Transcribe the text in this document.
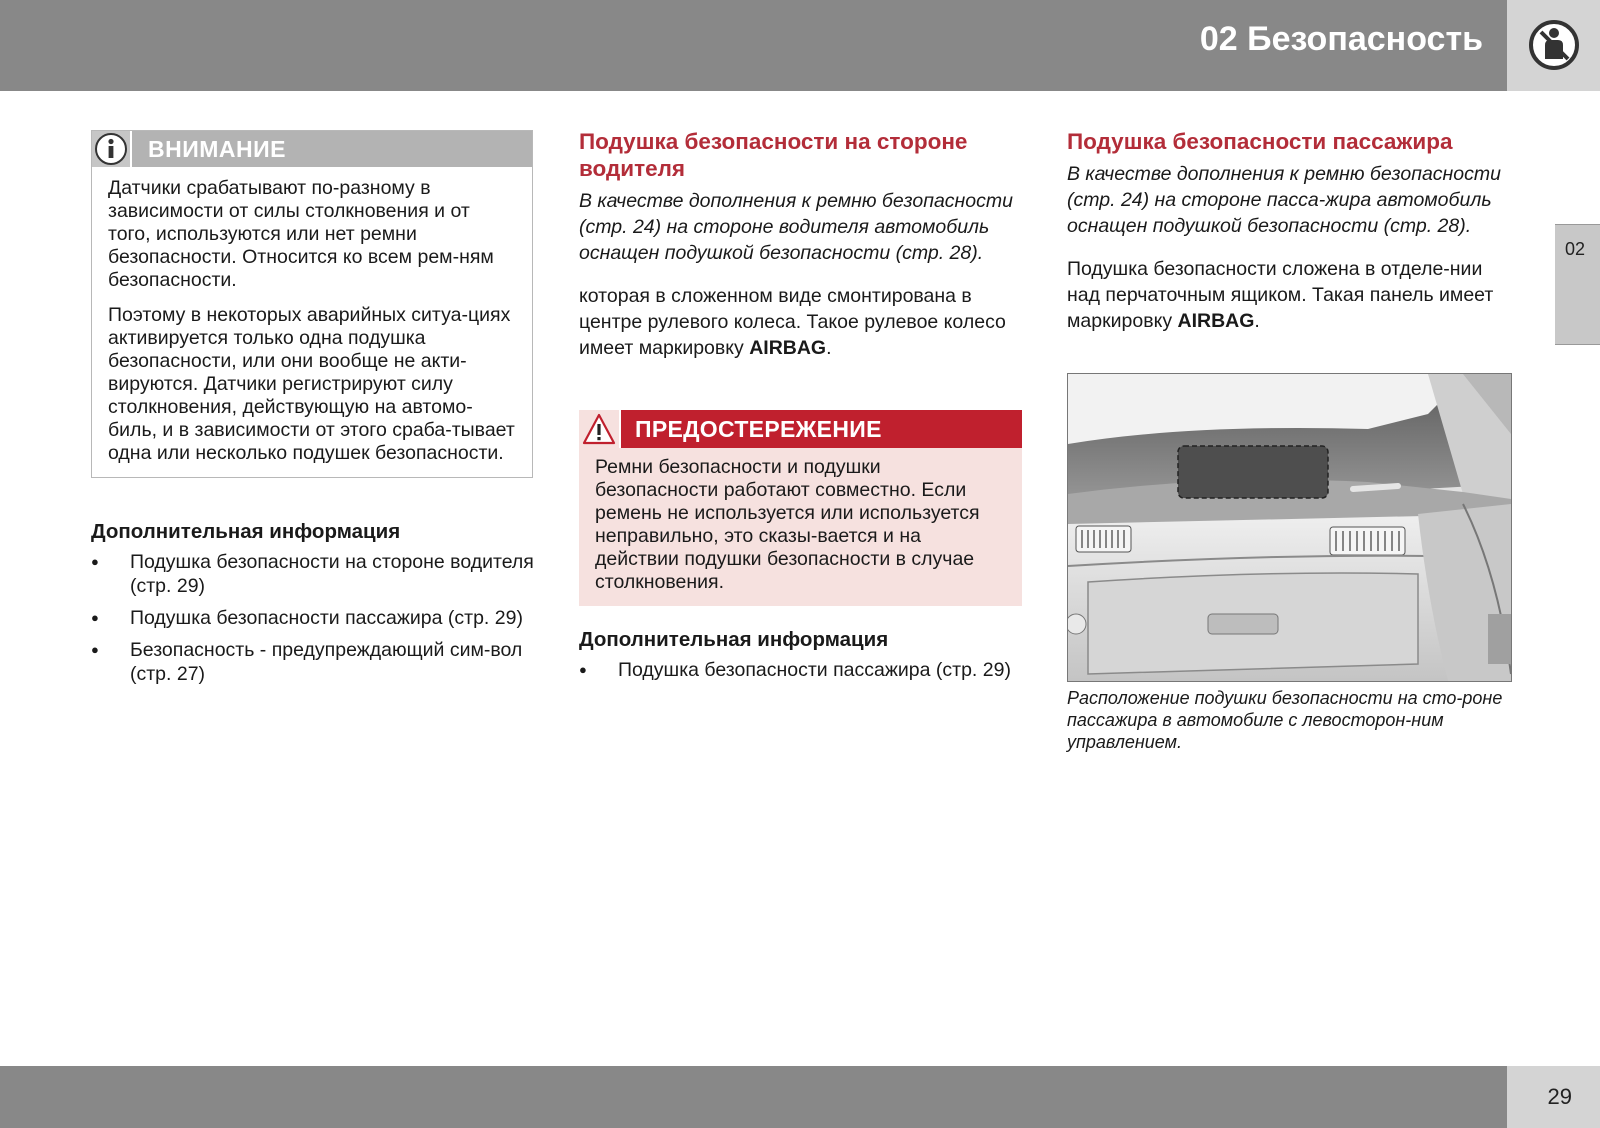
02 Безопасность
02
ВНИМАНИЕ

Датчики срабатывают по-разному в зависимости от силы столкновения и от того, используются или нет ремни безопасности. Относится ко всем рем-ням безопасности.

Поэтому в некоторых аварийных ситуа-циях активируется только одна подушка безопасности, или они вообще не акти-вируются. Датчики регистрируют силу столкновения, действующую на автомо-биль, и в зависимости от этого сраба-тывает одна или несколько подушек безопасности.

Дополнительная информация
● Подушка безопасности на стороне водителя (стр. 29)
● Подушка безопасности пассажира (стр. 29)
● Безопасность - предупреждающий сим-вол (стр. 27)
Подушка безопасности на стороне водителя
В качестве дополнения к ремню безопасности (стр. 24) на стороне водителя автомобиль оснащен подушкой безопасности (стр. 28).
которая в сложенном виде смонтирована в центре рулевого колеса. Такое рулевое колесо имеет маркировку AIRBAG.
ПРЕДОСТЕРЕЖЕНИЕ
Ремни безопасности и подушки безопасности работают совместно. Если ремень не используется или используется неправильно, это сказы-вается и на действии подушки безопасности в случае столкновения.
Дополнительная информация
● Подушка безопасности пассажира (стр. 29)
Подушка безопасности пассажира
В качестве дополнения к ремню безопасности (стр. 24) на стороне пасса-жира автомобиль оснащен подушкой безопасности (стр. 28).
Подушка безопасности сложена в отделе-нии над перчаточным ящиком. Такая панель имеет маркировку AIRBAG.
Расположение подушки безопасности на сто-роне пассажира в автомобиле с левосторон-ним управлением.
29
